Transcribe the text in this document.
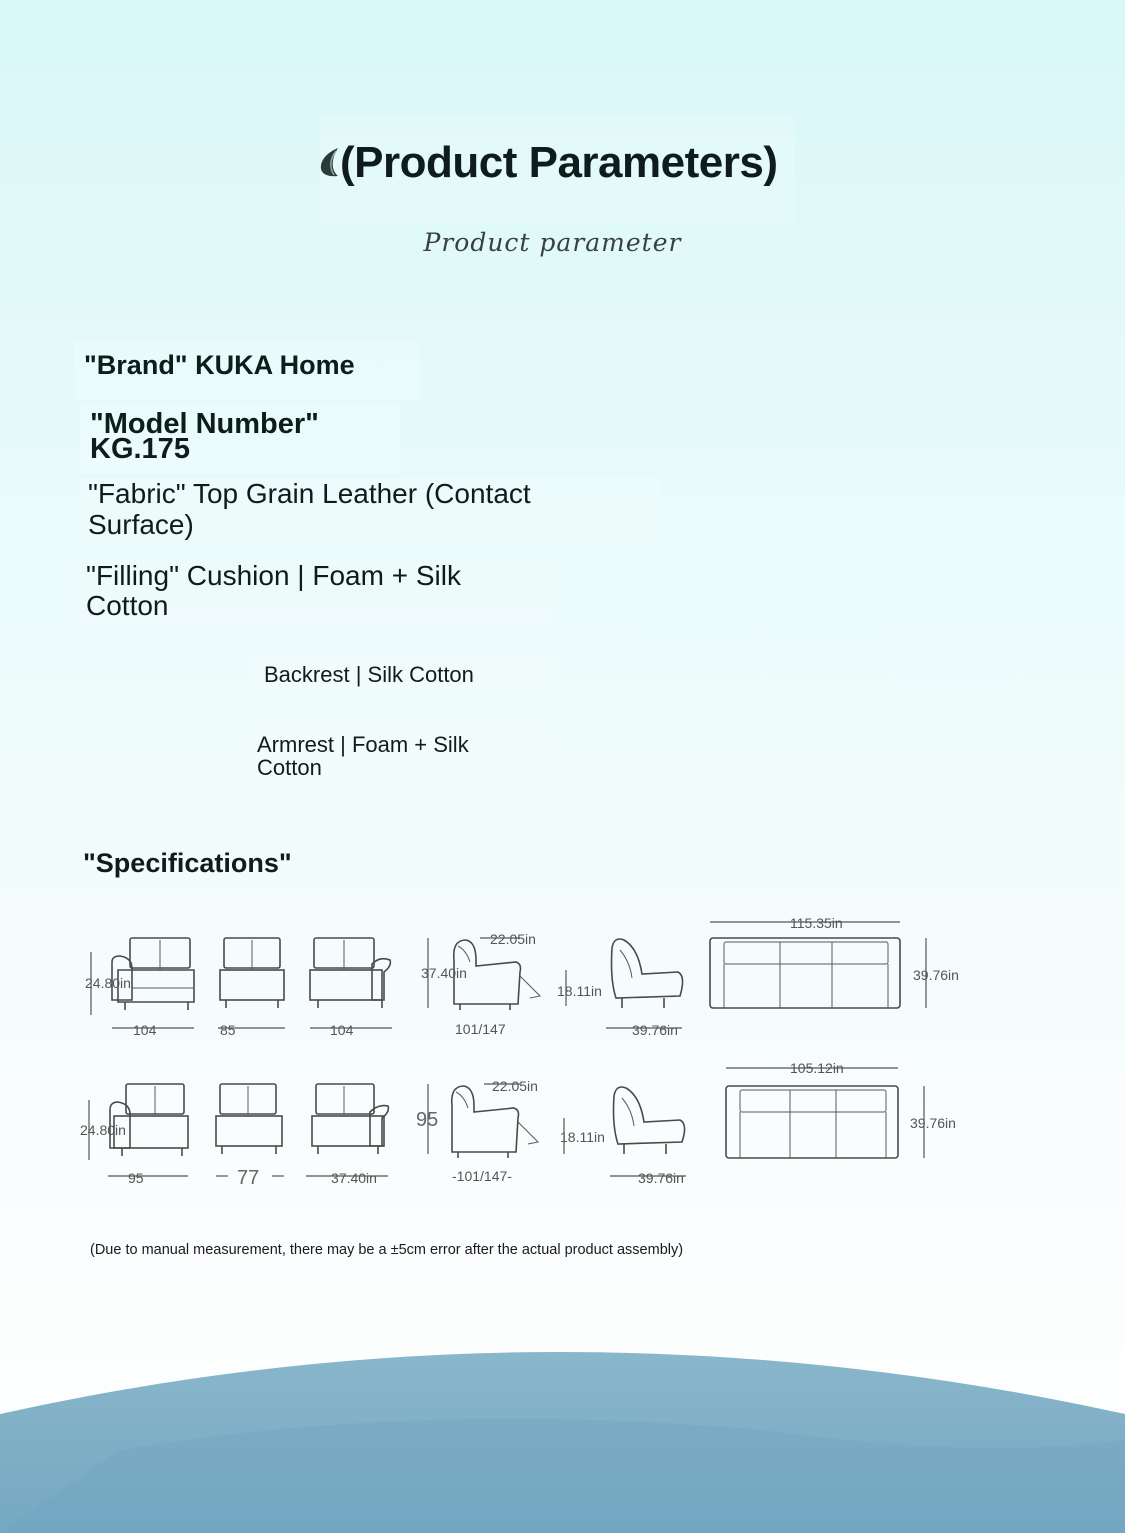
(Product Parameters)
Product parameter
"Brand" KUKA Home
"Model Number"
KG.175
"Fabric" Top Grain Leather (Contact Surface)
"Filling" Cushion | Foam + Silk Cotton
Backrest | Silk Cotton
Armrest | Foam + Silk Cotton
"Specifications"
24.80in
104	85	104
37.40in
22.05in
101/147
18.11in
39.76in
115.35in
39.76in
24.80in
95	77	37.40in
95
22.05in
-101/147-
18.11in
39.76in
105.12in
39.76in
(Due to manual measurement, there may be a ±5cm error after the actual product assembly)
